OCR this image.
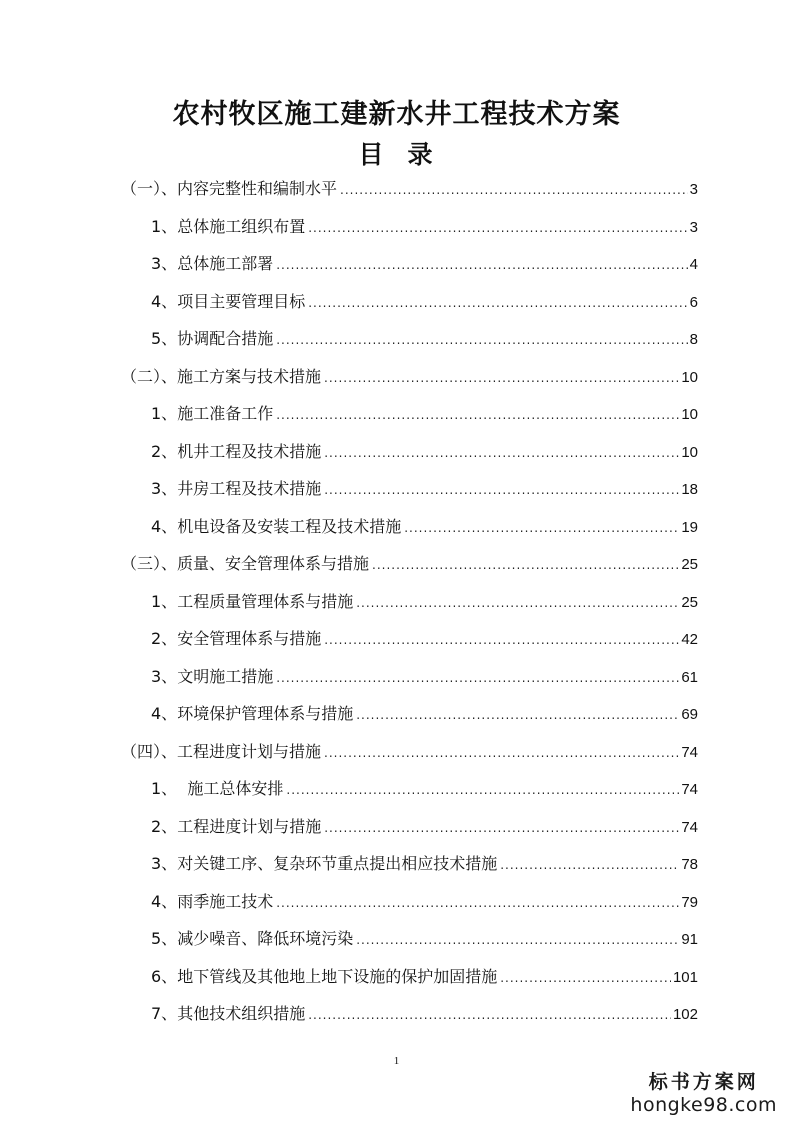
农村牧区施工建新水井工程技术方案
目 录
（一）、 内容完整性和编制水平 .....	3
1、 总体施工组织布置 .....	3
3、 总体施工部署 .....	4
4、 项目主要管理目标 .....	6
5、 协调配合措施 .....	8
（二）、 施工方案与技术措施 .....	10
1、 施工准备工作 .....	10
2、 机井工程及技术措施 .....	10
3、 井房工程及技术措施 .....	18
4、 机电设备及安装工程及技术措施 .....	19
（三）、 质量、安全管理体系与措施 .....	25
1、 工程质量管理体系与措施 .....	25
2、 安全管理体系与措施 .....	42
3、 文明施工措施 .....	61
4、 环境保护管理体系与措施 .....	69
（四）、 工程进度计划与措施 .....	74
1、 施工总体安排 .....	74
2、 工程进度计划与措施 .....	74
3、 对关键工序、复杂环节重点提出相应技术措施 .....	78
4、 雨季施工技术 .....	79
5、 减少噪音、降低环境污染 .....	91
6、 地下管线及其他地上地下设施的保护加固措施 .....	101
7、 其他技术组织措施 .....	102
1
标书方案网
hongke98.com
